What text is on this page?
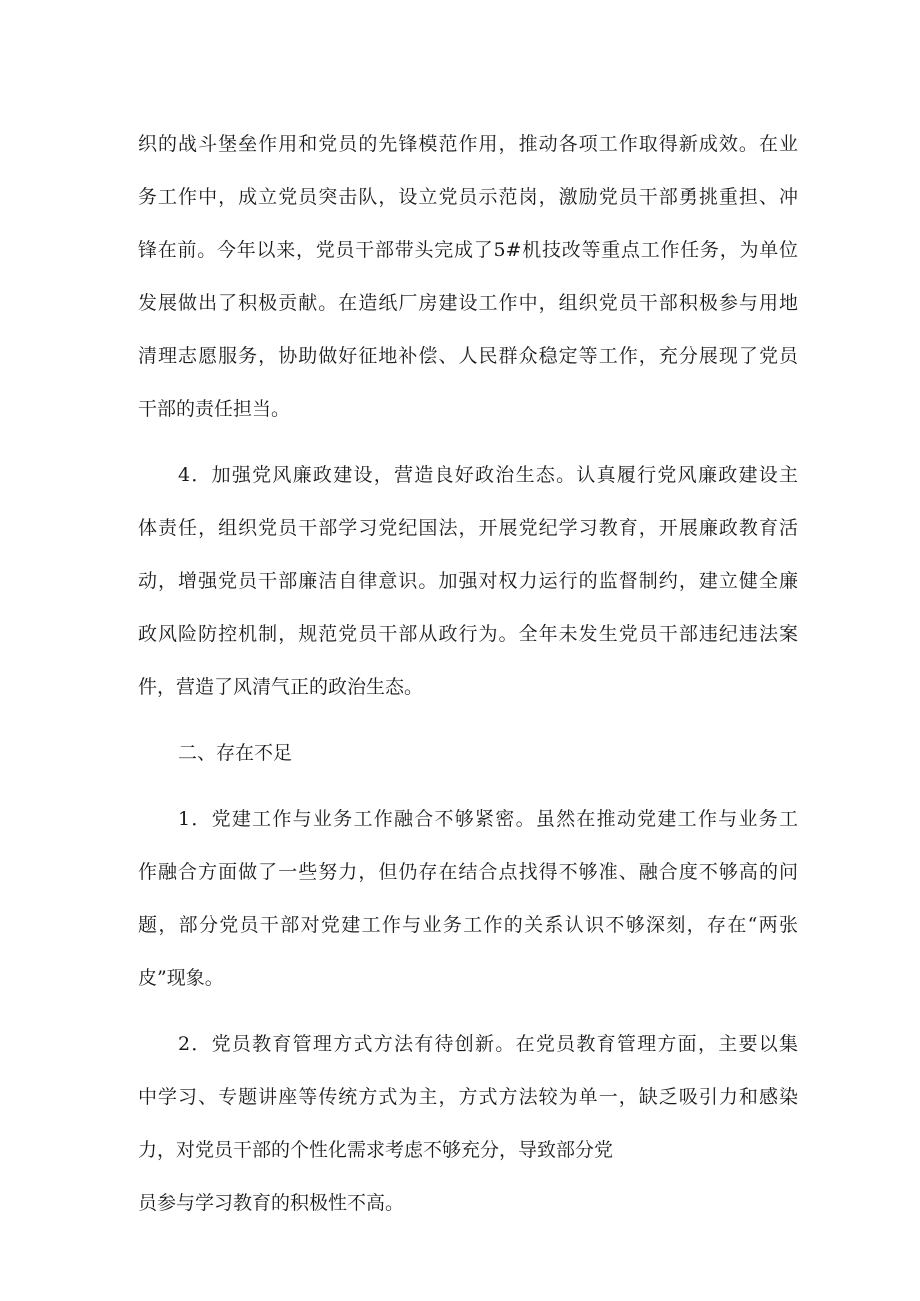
织的战斗堡垒作用和党员的先锋模范作用，推动各项工作取得新成效。在业
务工作中，成立党员突击队，设立党员示范岗，激励党员干部勇挑重担、冲
锋在前。今年以来，党员干部带头完成了5#机技改等重点工作任务，为单位
发展做出了积极贡献。在造纸厂房建设工作中，组织党员干部积极参与用地
清理志愿服务，协助做好征地补偿、人民群众稳定等工作，充分展现了党员
干部的责任担当。
4．加强党风廉政建设，营造良好政治生态。认真履行党风廉政建设主
体责任，组织党员干部学习党纪国法，开展党纪学习教育，开展廉政教育活
动，增强党员干部廉洁自律意识。加强对权力运行的监督制约，建立健全廉
政风险防控机制，规范党员干部从政行为。全年未发生党员干部违纪违法案
件，营造了风清气正的政治生态。
二、存在不足
1．党建工作与业务工作融合不够紧密。虽然在推动党建工作与业务工
作融合方面做了一些努力，但仍存在结合点找得不够准、融合度不够高的问
题，部分党员干部对党建工作与业务工作的关系认识不够深刻，存在“两张
皮”现象。
2．党员教育管理方式方法有待创新。在党员教育管理方面，主要以集
中学习、专题讲座等传统方式为主，方式方法较为单一，缺乏吸引力和感染
力，对党员干部的个性化需求考虑不够充分，导致部分党
员参与学习教育的积极性不高。
